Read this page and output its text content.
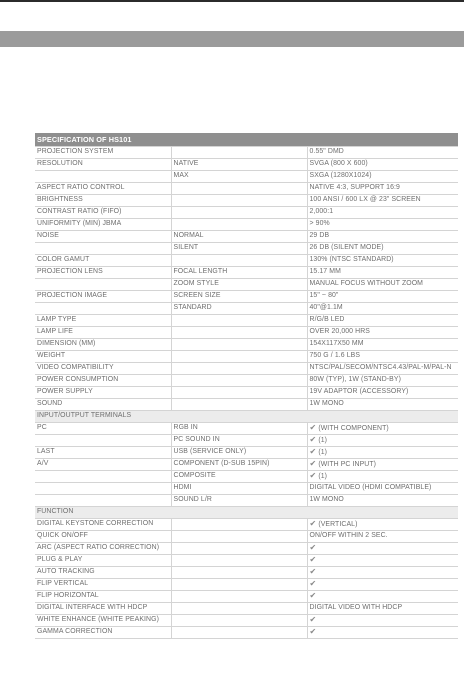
SPECIFICATION OF HS101		
PROJECTION SYSTEM		0.55" DMD
RESOLUTION	NATIVE	SVGA (800 X 600)
	MAX	SXGA (1280X1024)
ASPECT RATIO CONTROL		NATIVE 4:3, SUPPORT 16:9
BRIGHTNESS		100 ANSI / 600 LX @ 23" SCREEN
CONTRAST RATIO (FIFO)		2,000:1
UNIFORMITY (MIN) JBMA		> 90%
NOISE	NORMAL	29 DB
	SILENT	26 DB (SILENT MODE)
COLOR GAMUT		130% (NTSC STANDARD)
PROJECTION LENS	FOCAL LENGTH	15.17 MM
	ZOOM STYLE	MANUAL FOCUS WITHOUT ZOOM
PROJECTION IMAGE	SCREEN SIZE	15" ~ 80"
	STANDARD	40"@1.1M
LAMP TYPE		R/G/B LED
LAMP LIFE		OVER 20,000 HRS
DIMENSION (MM)		154X117X50 MM
WEIGHT		750 G / 1.6 LBS
VIDEO COMPATIBILITY		NTSC/PAL/SECOM/NTSC4.43/PAL-M/PAL-N
POWER CONSUMPTION		80W (TYP), 1W (STAND-BY)
POWER SUPPLY		19V ADAPTOR (ACCESSORY)
SOUND		1W MONO
INPUT/OUTPUT TERMINALS		
PC	RGB IN	✔ (WITH COMPONENT)
	PC SOUND IN	✔ (1)
LAST	USB (SERVICE ONLY)	✔ (1)
A/V	COMPONENT (D-SUB 15PIN)	✔ (WITH PC INPUT)
	COMPOSITE	✔ (1)
	HDMI	DIGITAL VIDEO (HDMI COMPATIBLE)
	SOUND L/R	1W MONO
FUNCTION		
DIGITAL KEYSTONE CORRECTION		✔ (VERTICAL)
QUICK ON/OFF		ON/OFF WITHIN 2 SEC.
ARC (ASPECT RATIO CORRECTION)		✔
PLUG & PLAY		✔
AUTO TRACKING		✔
FLIP VERTICAL		✔
FLIP HORIZONTAL		✔
DIGITAL INTERFACE WITH HDCP		DIGITAL VIDEO WITH HDCP
WHITE ENHANCE (WHITE PEAKING)		✔
GAMMA CORRECTION		✔
